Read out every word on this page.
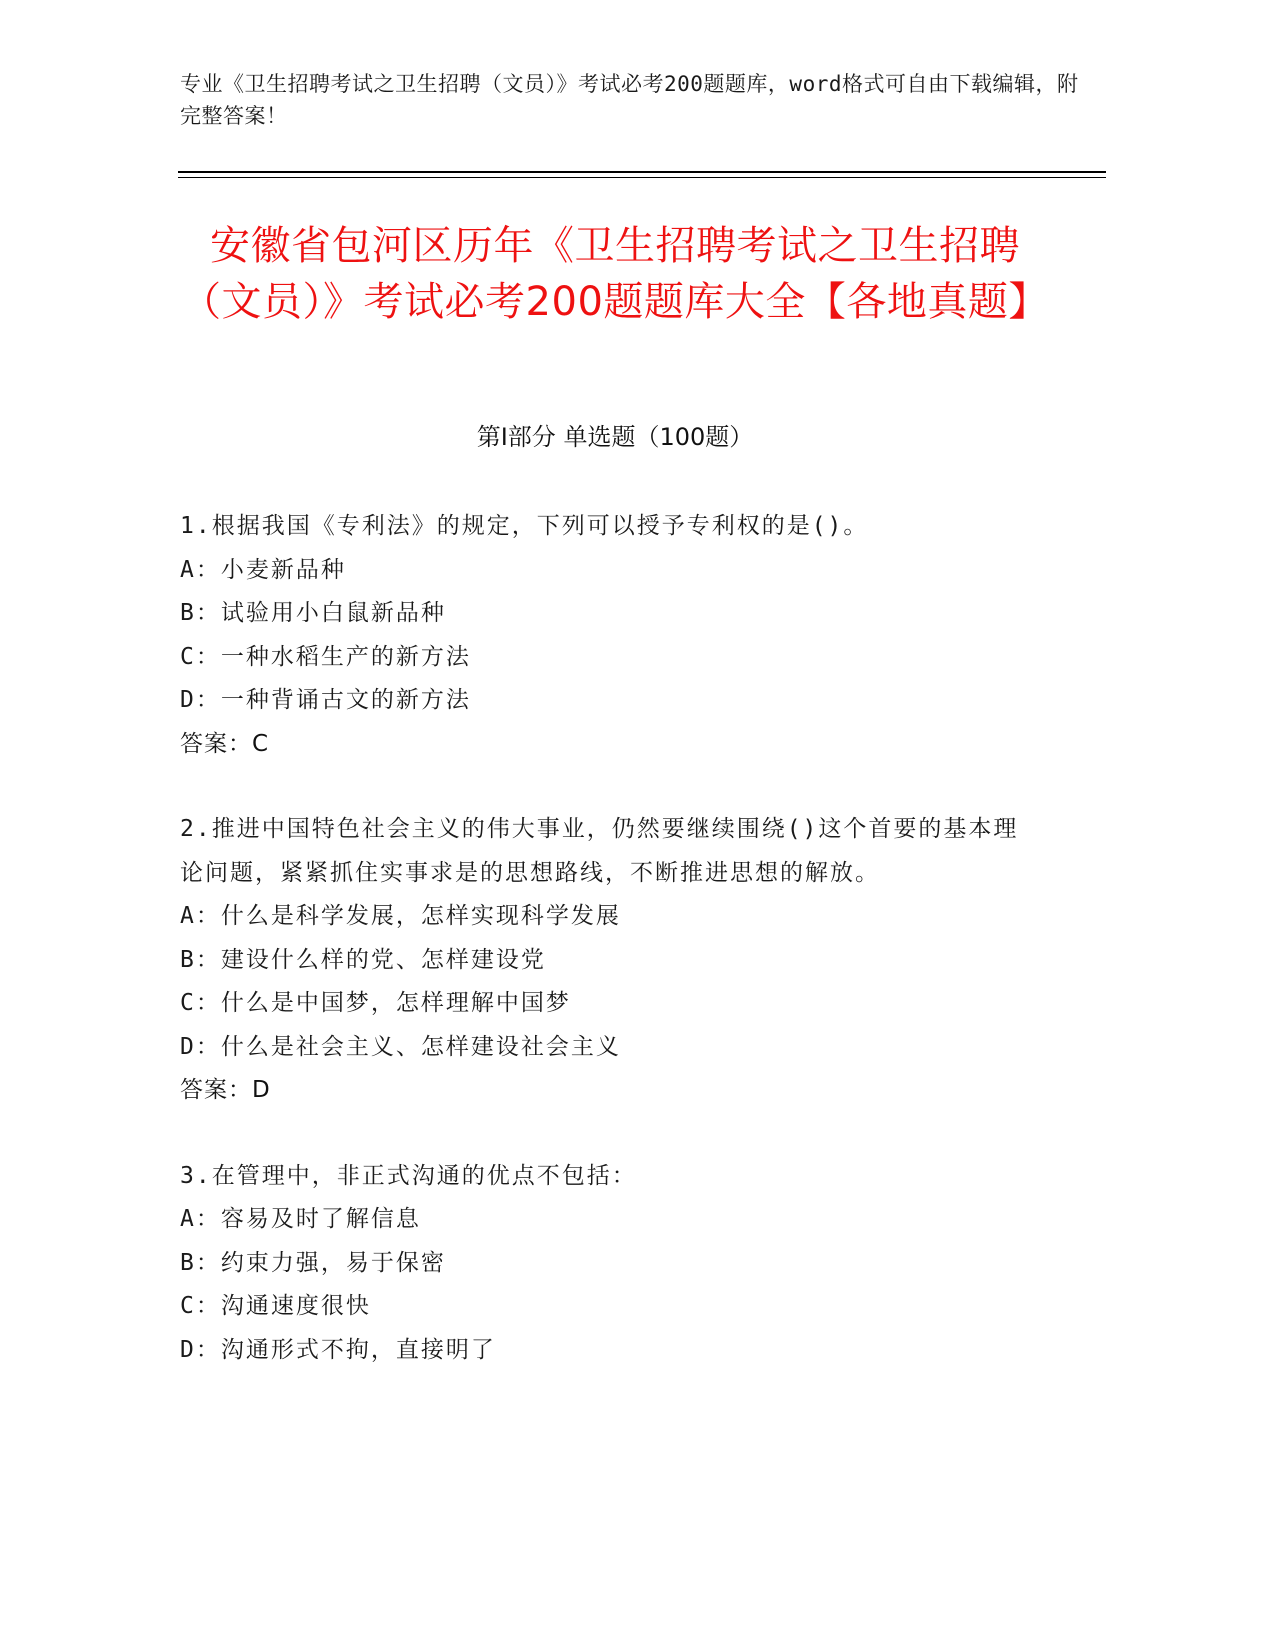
专业《卫生招聘考试之卫生招聘（文员）》考试必考200题题库，word格式可自由下载编辑，附完整答案！

安徽省包河区历年《卫生招聘考试之卫生招聘（文员）》考试必考200题题库大全【各地真题】
第I部分 单选题（100题）

1.根据我国《专利法》的规定，下列可以授予专利权的是()。

A：小麦新品种

B：试验用小白鼠新品种

C：一种水稻生产的新方法

D：一种背诵古文的新方法

答案：C

2.推进中国特色社会主义的伟大事业，仍然要继续围绕()这个首要的基本理论问题，紧紧抓住实事求是的思想路线，不断推进思想的解放。

A：什么是科学发展，怎样实现科学发展

B：建设什么样的党、怎样建设党

C：什么是中国梦，怎样理解中国梦

D：什么是社会主义、怎样建设社会主义

答案：D

3.在管理中，非正式沟通的优点不包括：

A：容易及时了解信息

B：约束力强，易于保密

C：沟通速度很快

D：沟通形式不拘，直接明了
